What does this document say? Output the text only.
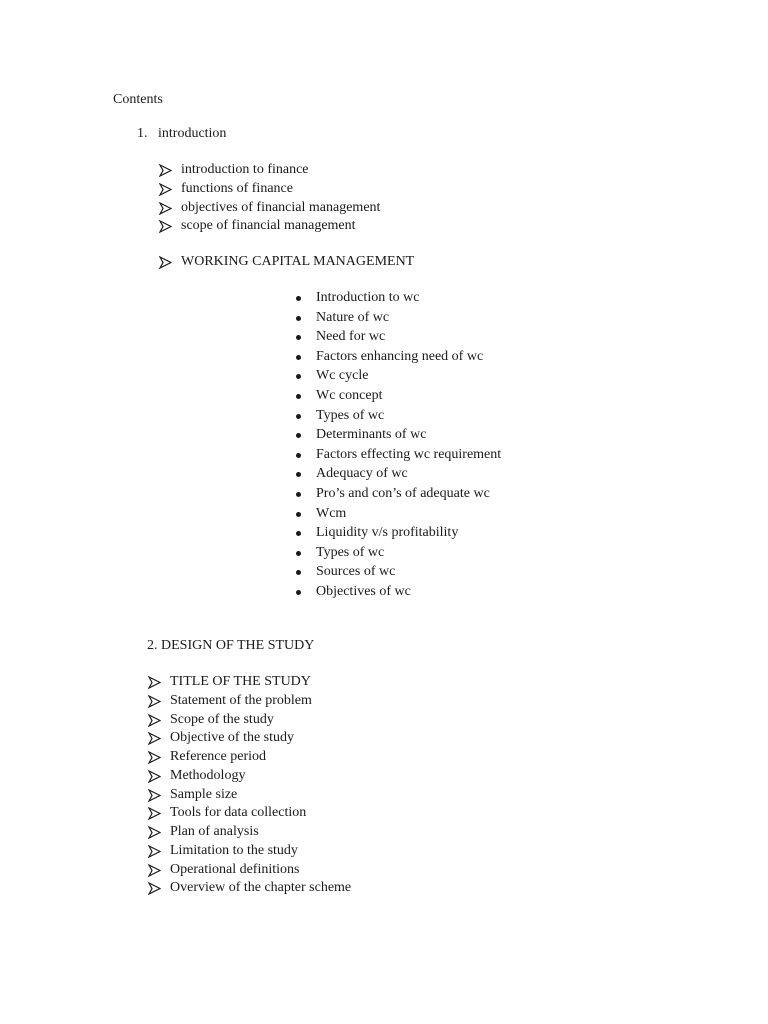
Contents
1. introduction
introduction to finance
functions of finance
objectives of financial management
scope of financial management
WORKING CAPITAL MANAGEMENT
Introduction to wc
Nature of wc
Need for wc
Factors enhancing need of wc
Wc cycle
Wc concept
Types of wc
Determinants of wc
Factors effecting wc requirement
Adequacy of wc
Pro’s and con’s of adequate wc
Wcm
Liquidity v/s profitability
Types of wc
Sources of wc
Objectives of wc
2. DESIGN OF THE STUDY
TITLE OF THE STUDY
Statement of the problem
Scope of the study
Objective of the study
Reference period
Methodology
Sample size
Tools for data collection
Plan of analysis
Limitation to the study
Operational definitions
Overview of the chapter scheme
